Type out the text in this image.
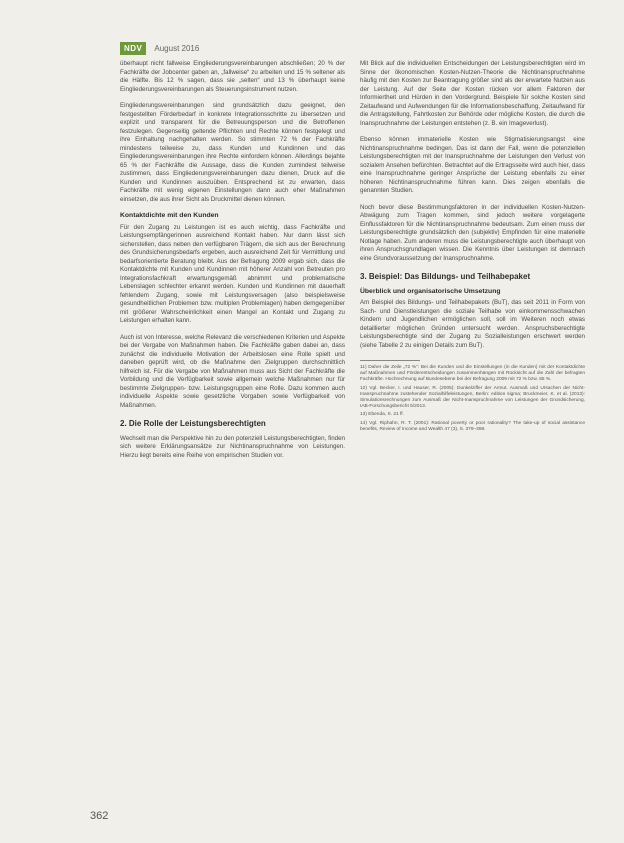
NDV	August 2016

überhaupt nicht fallweise Eingliederungsvereinbarungen abschließen; 20 % der Fachkräfte der Jobcenter gaben an, „fallweise“ zu arbeiten und 15 % seltener als die Hälfte. Bis 12 % sagen, dass sie „selten“ und 13 % überhaupt keine Eingliederungsvereinbarungen als Steuerungsinstrument nutzen.

Eingliederungsvereinbarungen sind grundsätzlich dazu geeignet, den festgestellten Förderbedarf in konkrete Integrationsschritte zu übersetzen und explizit und transparent für die Betreuungsperson und die Betroffenen festzulegen. Gegenseitig geltende Pflichten und Rechte können festgelegt und ihre Einhaltung nachgehalten werden. So stimmten 72 % der Fachkräfte mindestens teilweise zu, dass Kunden und Kundinnen und das Eingliederungsvereinbarungen ihre Rechte einfordern können. Allerdings bejahte 65 % der Fachkräfte die Aussage, dass die Kunden zumindest teilweise zustimmen, dass Eingliederungsvereinbarungen dazu dienen, Druck auf die Kunden und Kundinnen auszuüben. Entsprechend ist zu erwarten, dass Fachkräfte mit wenig eigenen Einstellungen dann auch eher Maßnahmen einsetzen, die aus ihrer Sicht als Druckmittel dienen können.

Kontaktdichte mit den Kunden

Für den Zugang zu Leistungen ist es auch wichtig, dass Fachkräfte und Leistungsempfängerinnen ausreichend Kontakt haben. Nur dann lässt sich sicherstellen, dass neben den verfügbaren Trägern, die sich aus der Berechnung des Grundsicherungsbedarfs ergeben, auch ausreichend Zeit für Vermittlung und bedarfsorientierte Beratung bleibt. Aus der Befragung 2009 ergab sich, dass die Kontaktdichte mit Kunden und Kundinnen mit höherer Anzahl von Betreuten pro Integrationsfachkraft erwartungsgemäß abnimmt und problematische Lebenslagen schlechter erkannt werden. Kunden und Kundinnen mit dauerhaft fehlendem Zugang, sowie mit Leistungsversagen (also beispielsweise gesundheitlichen Problemen bzw. multiplen Problemlagen) haben demgegenüber mit größerer Wahrscheinlichkeit einen Mangel an Kontakt und Zugang zu Leistungen erhalten kann.

Auch ist von Interesse, welche Relevanz die verschiedenen Kriterien und Aspekte bei der Vergabe von Maßnahmen haben. Die Fachkräfte gaben dabei an, dass zunächst die individuelle Motivation der Arbeitslosen eine Rolle spielt und daneben geprüft wird, ob die Maßnahme den Zielgruppen durchschnittlich hilfreich ist. Für die Vergabe von Maßnahmen muss aus Sicht der Fachkräfte die Vorbildung und die Verfügbarkeit sowie allgemein welche Maßnahmen nur für bestimmte Zielgruppen- bzw. Leistungsgruppen eine Rolle. Dazu kommen auch individuelle Aspekte sowie gesetzliche Vorgaben sowie Verfügbarkeit von Maßnahmen.

2. Die Rolle der Leistungsberechtigten

Wechselt man die Perspektive hin zu den potenziell Leistungsberechtigten, finden sich weitere Erklärungsansätze zur Nichtinanspruchnahme von Leistungen. Hierzu liegt bereits eine Reihe von empirischen Studien vor.

Mit Blick auf die individuellen Entscheidungen der Leistungsberechtigten wird im Sinne der ökonomischen Kosten-Nutzen-Theorie die Nichtinanspruchnahme häufig mit den Kosten zur Beantragung größer sind als der erwartete Nutzen aus der Leistung. Auf der Seite der Kosten rücken vor allem Faktoren der Informiertheit und Hürden in den Vordergrund. Beispiele für solche Kosten sind Zeitaufwand und Aufwendungen für die Informationsbeschaffung, Zeitaufwand für die Antragstellung, Fahrtkosten zur Behörde oder mögliche Kosten, die durch die Inanspruchnahme der Leistungen entstehen (z. B. ein Imageverlust).

Ebenso können immaterielle Kosten wie Stigmatisierungsangst eine Nichtinanspruchnahme bedingen. Das ist dann der Fall, wenn die potenziellen Leistungsberechtigten mit der Inanspruchnahme der Leistungen den Verlust von sozialem Ansehen befürchten. Betrachtet auf die Ertragsseite wird auch hier, dass eine Inanspruchnahme geringer Ansprüche der Leistung ebenfalls zu einer höheren Nichtinanspruchnahme führen kann. Dies zeigen ebenfalls die genannten Studien.

Noch bevor diese Bestimmungsfaktoren in der individuellen Kosten-Nutzen-Abwägung zum Tragen kommen, sind jedoch weitere vorgelagerte Einflussfaktoren für die Nichtinanspruchnahme bedeutsam. Zum einen muss der Leistungsberechtigte grundsätzlich den (subjektiv) Empfinden für eine materielle Notlage haben. Zum anderen muss die Leistungsberechtigte auch überhaupt von ihren Anspruchsgrundlagen wissen. Die Kenntnis über Leistungen ist demnach eine Grundvoraussetzung der Inanspruchnahme.

3. Beispiel: Das Bildungs- und Teilhabepaket
Überblick und organisatorische Umsetzung

Am Beispiel des Bildungs- und Teilhabepakets (BuT), das seit 2011 in Form von Sach- und Dienstleistungen die soziale Teilhabe von einkommensschwachen Kindern und Jugendlichen ermöglichen soll, soll im Weiteren noch etwas detaillierter möglichen Gründen untersucht werden. Anspruchsberechtigte Leistungsberechtigte sind der Zugang zu Sozialleistungen erschwert werden (siehe Tabelle 2 zu einigen Details zum BuT).

11) Daher die Zeile „72 %“: Bei die Kunden und die Einstellungen (in die Kunden) mit der Kontaktdichte auf Maßnahmen und Förderentscheidungen zusammenhängen mit Rücksicht auf die Zahl der befragten Fachkräfte. Hochrechnung auf Bundesebene bei der Befragung 2009 mit 72 % bzw. 65 %.
12) Vgl. Becker, I. und Hauser, R. (2005): Dunkelziffer der Armut. Ausmaß und Ursachen der Nicht-Inanspruchnahme zustehender Sozialhilfeleistungen, Berlin: edition sigma; Bruckmeier, K. et al. (2013): Simulationsrechnungen zum Ausmaß der Nicht-Inanspruchnahme von Leistungen der Grundsicherung, IAB-Forschungsbericht 5/2013.
13) Ebenda, S. 21 ff.
14) Vgl. Riphahn, R. T. (2001): Rational poverty or poor rationality? The take-up of social assistance benefits, Review of Income and Wealth 47 (3), S. 379–398.
362
